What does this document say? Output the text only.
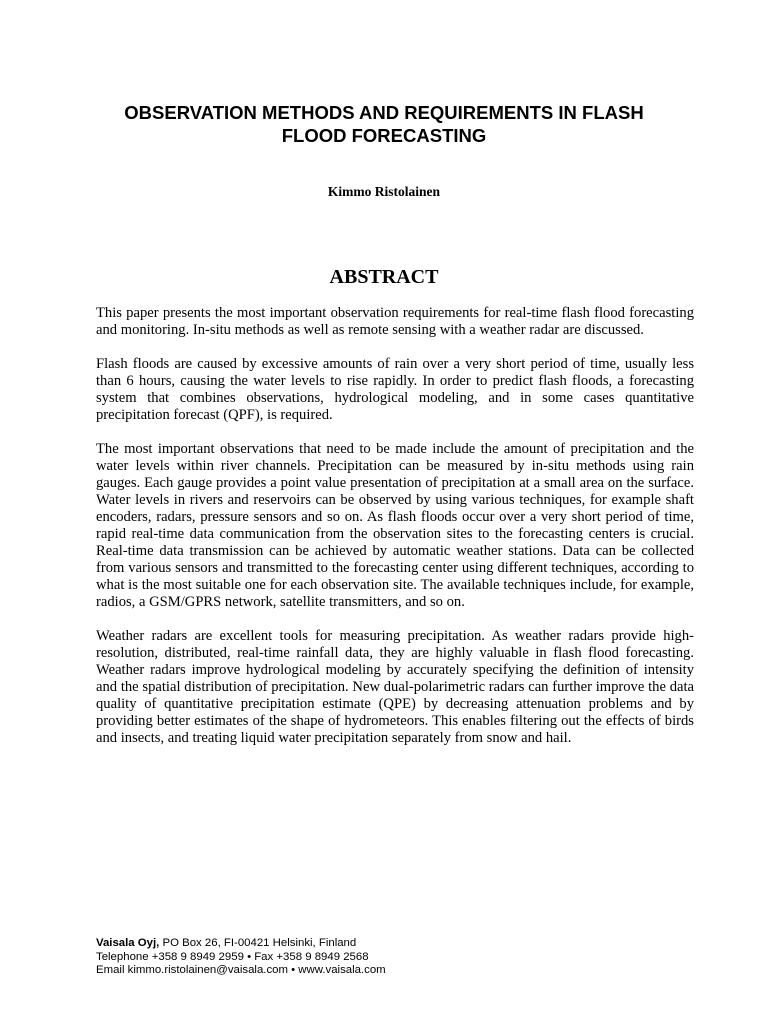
OBSERVATION METHODS AND REQUIREMENTS IN FLASH
FLOOD FORECASTING

Kimmo Ristolainen

ABSTRACT

This paper presents the most important observation requirements for real-time flash flood forecasting and monitoring. In-situ methods as well as remote sensing with a weather radar are discussed.

Flash floods are caused by excessive amounts of rain over a very short period of time, usually less than 6 hours, causing the water levels to rise rapidly. In order to predict flash floods, a forecasting system that combines observations, hydrological modeling, and in some cases quantitative precipitation forecast (QPF), is required.

The most important observations that need to be made include the amount of precipitation and the water levels within river channels. Precipitation can be measured by in-situ methods using rain gauges. Each gauge provides a point value presentation of precipitation at a small area on the surface. Water levels in rivers and reservoirs can be observed by using various techniques, for example shaft encoders, radars, pressure sensors and so on. As flash floods occur over a very short period of time, rapid real-time data communication from the observation sites to the forecasting centers is crucial. Real-time data transmission can be achieved by automatic weather stations. Data can be collected from various sensors and transmitted to the forecasting center using different techniques, according to what is the most suitable one for each observation site. The available techniques include, for example, radios, a GSM/GPRS network, satellite transmitters, and so on.

Weather radars are excellent tools for measuring precipitation. As weather radars provide high-resolution, distributed, real-time rainfall data, they are highly valuable in flash flood forecasting. Weather radars improve hydrological modeling by accurately specifying the definition of intensity and the spatial distribution of precipitation. New dual-polarimetric radars can further improve the data quality of quantitative precipitation estimate (QPE) by decreasing attenuation problems and by providing better estimates of the shape of hydrometeors. This enables filtering out the effects of birds and insects, and treating liquid water precipitation separately from snow and hail.

Vaisala Oyj, PO Box 26, FI-00421 Helsinki, Finland
Telephone +358 9 8949 2959 • Fax +358 9 8949 2568
Email kimmo.ristolainen@vaisala.com • www.vaisala.com
